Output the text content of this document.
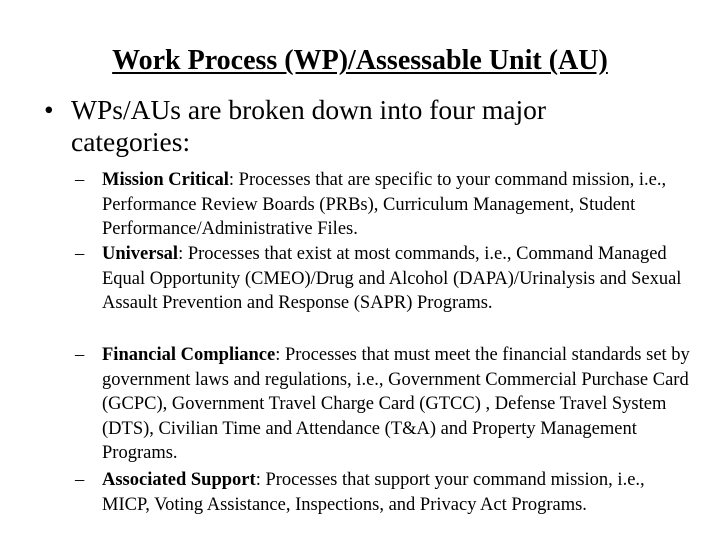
Work Process (WP)/Assessable Unit (AU)
• WPs/AUs are broken down into four major categories:
– Mission Critical: Processes that are specific to your command mission, i.e., Performance Review Boards (PRBs), Curriculum Management, Student Performance/Administrative Files.
– Universal: Processes that exist at most commands, i.e., Command Managed Equal Opportunity (CMEO)/Drug and Alcohol (DAPA)/Urinalysis and Sexual Assault Prevention and Response (SAPR) Programs.
– Financial Compliance: Processes that must meet the financial standards set by government laws and regulations, i.e., Government Commercial Purchase Card (GCPC), Government Travel Charge Card (GTCC) , Defense Travel System (DTS), Civilian Time and Attendance (T&A) and Property Management Programs.
– Associated Support: Processes that support your command mission, i.e., MICP, Voting Assistance, Inspections, and Privacy Act Programs.
